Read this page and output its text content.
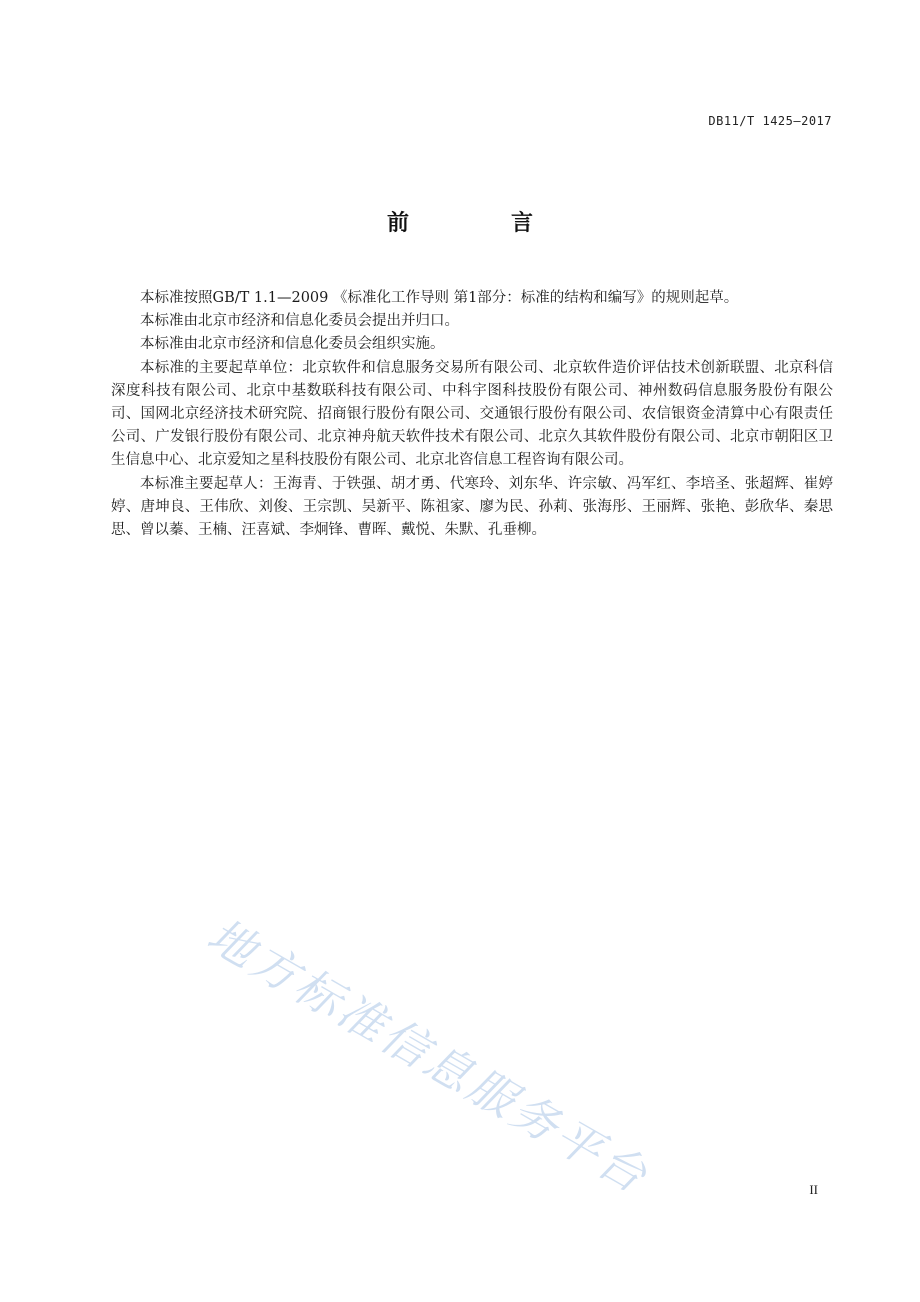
DB11/T 1425—2017
前　言

本标准按照GB/T 1.1—2009 《标准化工作导则 第1部分：标准的结构和编写》的规则起草。

本标准由北京市经济和信息化委员会提出并归口。

本标准由北京市经济和信息化委员会组织实施。

本标准的主要起草单位：北京软件和信息服务交易所有限公司、北京软件造价评估技术创新联盟、北京科信深度科技有限公司、北京中基数联科技有限公司、中科宇图科技股份有限公司、神州数码信息服务股份有限公司、国网北京经济技术研究院、招商银行股份有限公司、交通银行股份有限公司、农信银资金清算中心有限责任公司、广发银行股份有限公司、北京神舟航天软件技术有限公司、北京久其软件股份有限公司、北京市朝阳区卫生信息中心、北京爱知之星科技股份有限公司、北京北咨信息工程咨询有限公司。

本标准主要起草人：王海青、于铁强、胡才勇、代寒玲、刘东华、许宗敏、冯军红、李培圣、张超辉、崔婷婷、唐坤良、王伟欣、刘俊、王宗凯、吴新平、陈祖家、廖为民、孙莉、张海彤、王丽辉、张艳、彭欣华、秦思思、曾以蓁、王楠、汪喜斌、李炯锋、曹晖、戴悦、朱默、孔垂柳。

地方标准信息服务平台	II
